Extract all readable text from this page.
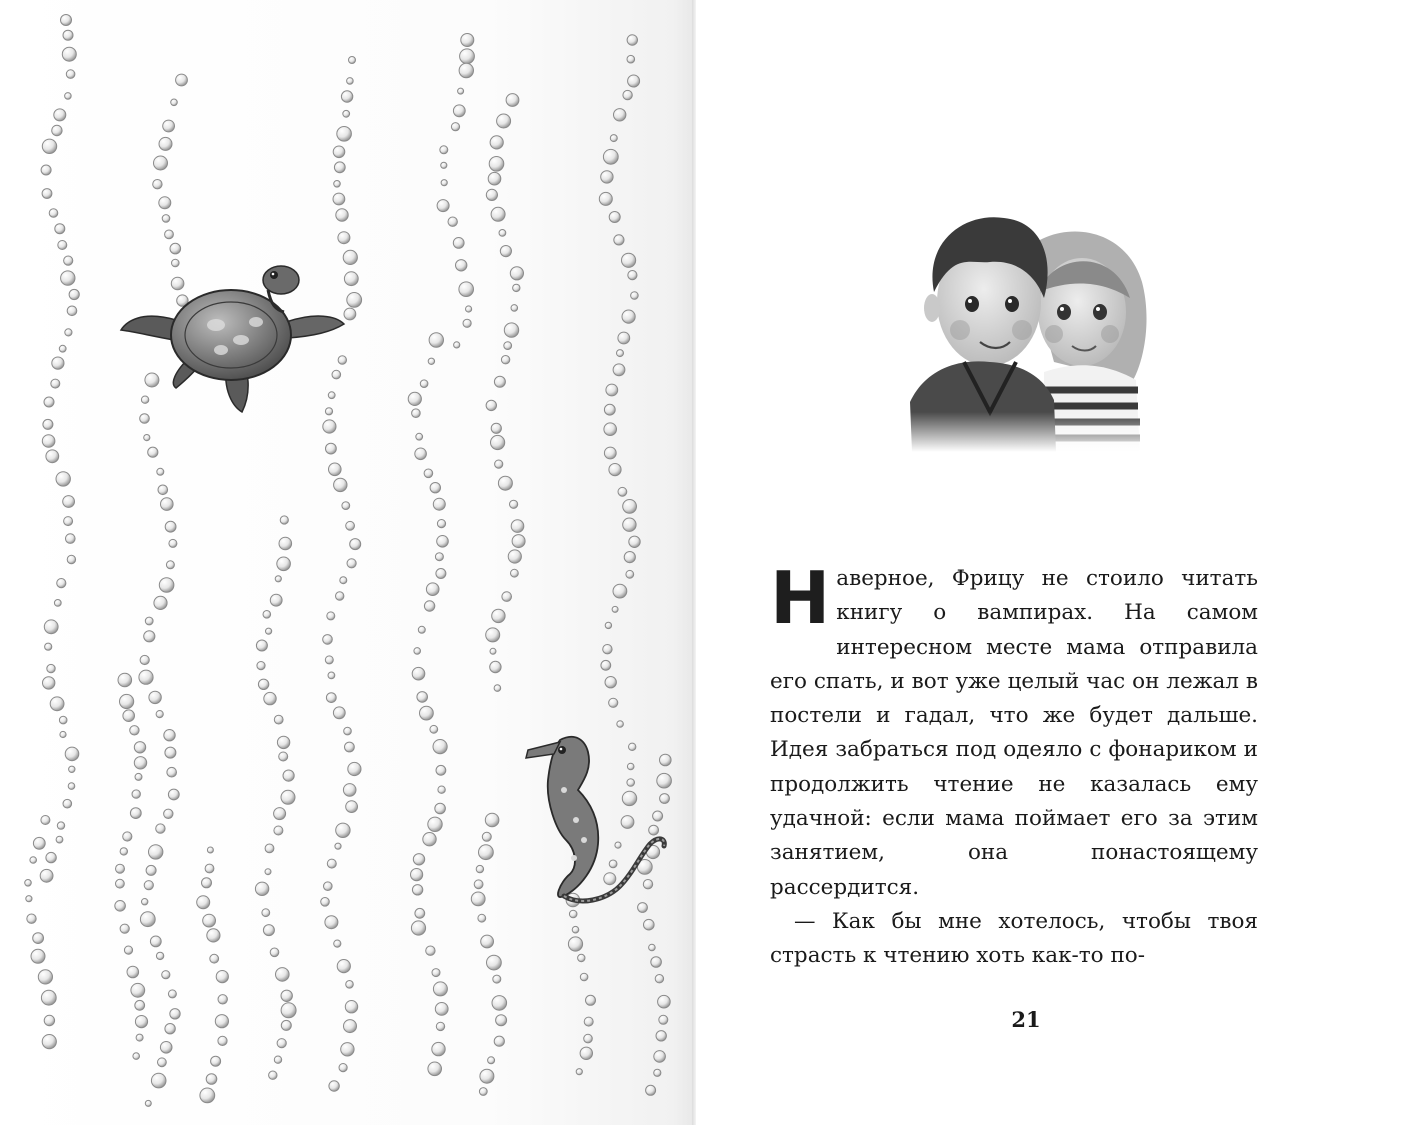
Наверное, Фрицу не стоило читать книгу о вампирах. На самом интересном месте мама отправила его спать, и вот уже целый час он лежал в постели и гадал, что же будет дальше. Идея забраться под одеяло с фонариком и продолжить чтение не казалась ему удачной: если мама поймает его за этим занятием, она понастоящему рассердится.

— Как бы мне хотелось, чтобы твоя страсть к чтению хоть как-то по-

21
